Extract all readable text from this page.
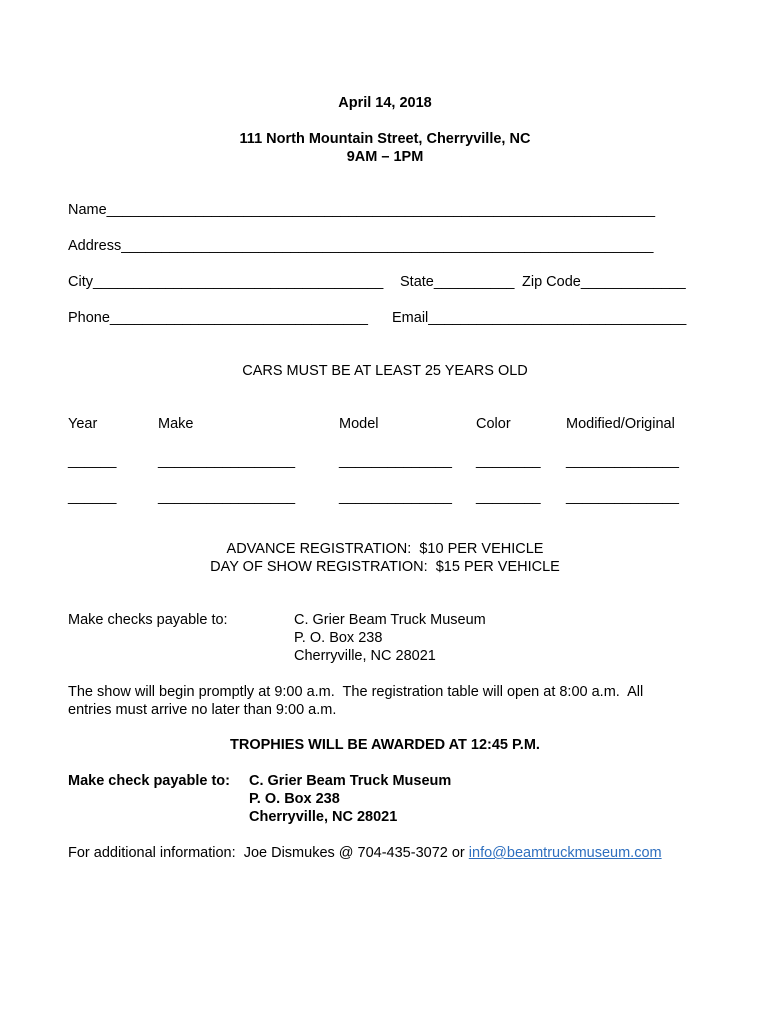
April 14, 2018
111 North Mountain Street, Cherryville, NC
9AM – 1PM
Name____________________________________________________________________
Address__________________________________________________________________
City____________________________________ State__________ Zip Code_____________
Phone________________________________ Email________________________________
CARS MUST BE AT LEAST 25 YEARS OLD
Year	Make	Model	Color	Modified/Original
______	_________________	______________ ________ ______________
______	_________________	______________ ________ ______________
ADVANCE REGISTRATION:  $10 PER VEHICLE
DAY OF SHOW REGISTRATION:  $15 PER VEHICLE
Make checks payable to:	C. Grier Beam Truck Museum
P. O. Box 238
Cherryville, NC 28021
The show will begin promptly at 9:00 a.m.  The registration table will open at 8:00 a.m.  All
entries must arrive no later than 9:00 a.m.
TROPHIES WILL BE AWARDED AT 12:45 P.M.
Make check payable to: C. Grier Beam Truck Museum
P. O. Box 238
Cherryville, NC 28021
For additional information:  Joe Dismukes @ 704-435-3072 or info@beamtruckmuseum.com
